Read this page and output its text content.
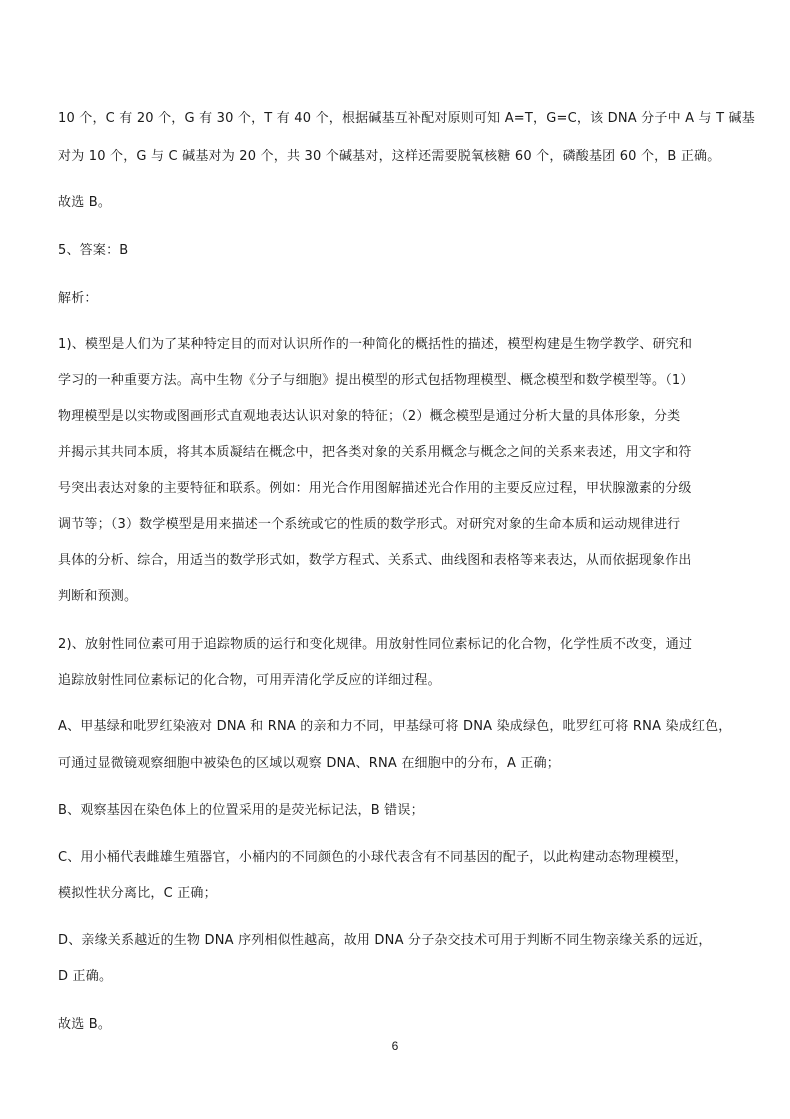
10 个，C 有 20 个，G 有 30 个，T 有 40 个，根据碱基互补配对原则可知 A=T，G=C，该 DNA 分子中 A 与 T 碱基
对为 10 个，G 与 C 碱基对为 20 个，共 30 个碱基对，这样还需要脱氧核糖 60 个，磷酸基团 60 个，B 正确。
故选 B。
5、答案：B
解析：
1)、模型是人们为了某种特定目的而对认识所作的一种简化的概括性的描述，模型构建是生物学教学、研究和
学习的一种重要方法。高中生物《分子与细胞》提出模型的形式包括物理模型、概念模型和数学模型等。（1）
物理模型是以实物或图画形式直观地表达认识对象的特征；（2）概念模型是通过分析大量的具体形象，分类
并揭示其共同本质，将其本质凝结在概念中，把各类对象的关系用概念与概念之间的关系来表述，用文字和符
号突出表达对象的主要特征和联系。例如：用光合作用图解描述光合作用的主要反应过程，甲状腺激素的分级
调节等；（3）数学模型是用来描述一个系统或它的性质的数学形式。对研究对象的生命本质和运动规律进行
具体的分析、综合，用适当的数学形式如，数学方程式、关系式、曲线图和表格等来表达，从而依据现象作出
判断和预测。
2)、放射性同位素可用于追踪物质的运行和变化规律。用放射性同位素标记的化合物，化学性质不改变，通过
追踪放射性同位素标记的化合物，可用弄清化学反应的详细过程。
A、甲基绿和吡罗红染液对 DNA 和 RNA 的亲和力不同，甲基绿可将 DNA 染成绿色，吡罗红可将 RNA 染成红色，
可通过显微镜观察细胞中被染色的区域以观察 DNA、RNA 在细胞中的分布，A 正确；
B、观察基因在染色体上的位置采用的是荧光标记法，B 错误；
C、用小桶代表雌雄生殖器官，小桶内的不同颜色的小球代表含有不同基因的配子，以此构建动态物理模型，
模拟性状分离比，C 正确；
D、亲缘关系越近的生物 DNA 序列相似性越高，故用 DNA 分子杂交技术可用于判断不同生物亲缘关系的远近，
D 正确。
故选 B。
6
